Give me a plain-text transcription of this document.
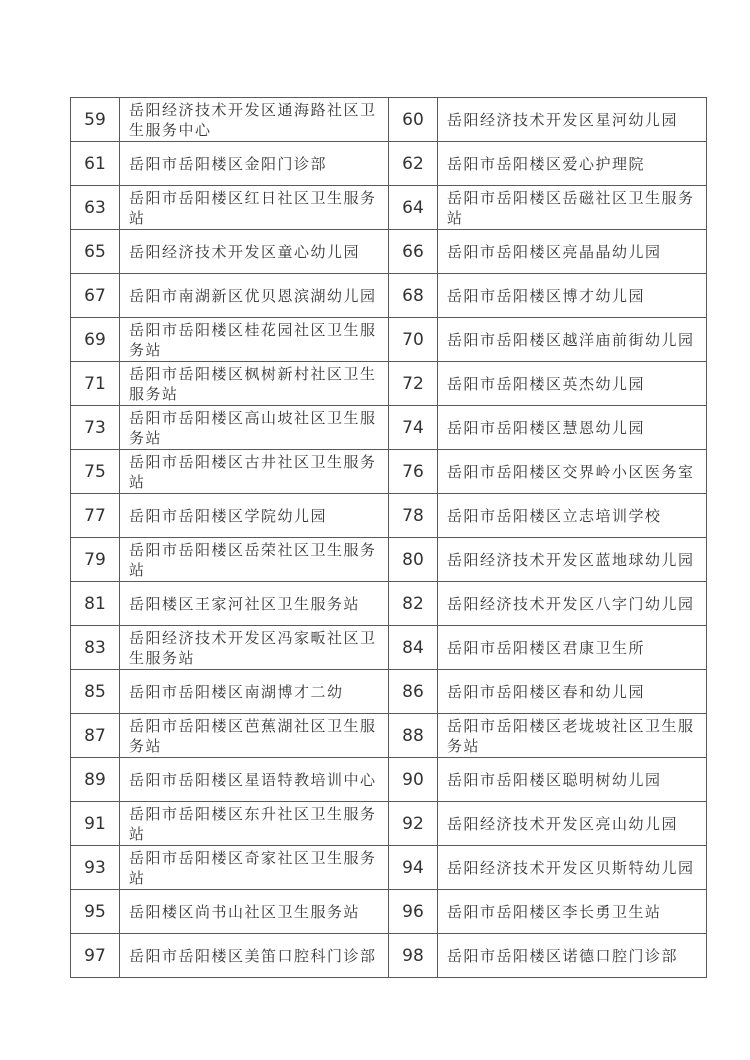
59	岳阳经济技术开发区通海路社区卫生服务中心	60	岳阳经济技术开发区星河幼儿园

61	岳阳市岳阳楼区金阳门诊部	62	岳阳市岳阳楼区爱心护理院

63	岳阳市岳阳楼区红日社区卫生服务站	64	岳阳市岳阳楼区岳磁社区卫生服务站

65	岳阳经济技术开发区童心幼儿园	66	岳阳市岳阳楼区亮晶晶幼儿园

67	岳阳市南湖新区优贝恩滨湖幼儿园	68	岳阳市岳阳楼区博才幼儿园

69	岳阳市岳阳楼区桂花园社区卫生服务站	70	岳阳市岳阳楼区越洋庙前街幼儿园

71	岳阳市岳阳楼区枫树新村社区卫生服务站	72	岳阳市岳阳楼区英杰幼儿园

73	岳阳市岳阳楼区高山坡社区卫生服务站	74	岳阳市岳阳楼区慧恩幼儿园

75	岳阳市岳阳楼区古井社区卫生服务站	76	岳阳市岳阳楼区交界岭小区医务室

77	岳阳市岳阳楼区学院幼儿园	78	岳阳市岳阳楼区立志培训学校

79	岳阳市岳阳楼区岳荣社区卫生服务站	80	岳阳经济技术开发区蓝地球幼儿园

81	岳阳楼区王家河社区卫生服务站	82	岳阳经济技术开发区八字门幼儿园

83	岳阳经济技术开发区冯家畈社区卫生服务站	84	岳阳市岳阳楼区君康卫生所

85	岳阳市岳阳楼区南湖博才二幼	86	岳阳市岳阳楼区春和幼儿园

87	岳阳市岳阳楼区芭蕉湖社区卫生服务站	88	岳阳市岳阳楼区老垅坡社区卫生服务站

89	岳阳市岳阳楼区星语特教培训中心	90	岳阳市岳阳楼区聪明树幼儿园

91	岳阳市岳阳楼区东升社区卫生服务站	92	岳阳经济技术开发区亮山幼儿园

93	岳阳市岳阳楼区奇家社区卫生服务站	94	岳阳经济技术开发区贝斯特幼儿园

95	岳阳楼区尚书山社区卫生服务站	96	岳阳市岳阳楼区李长勇卫生站

97	岳阳市岳阳楼区美笛口腔科门诊部	98	岳阳市岳阳楼区诺德口腔门诊部
